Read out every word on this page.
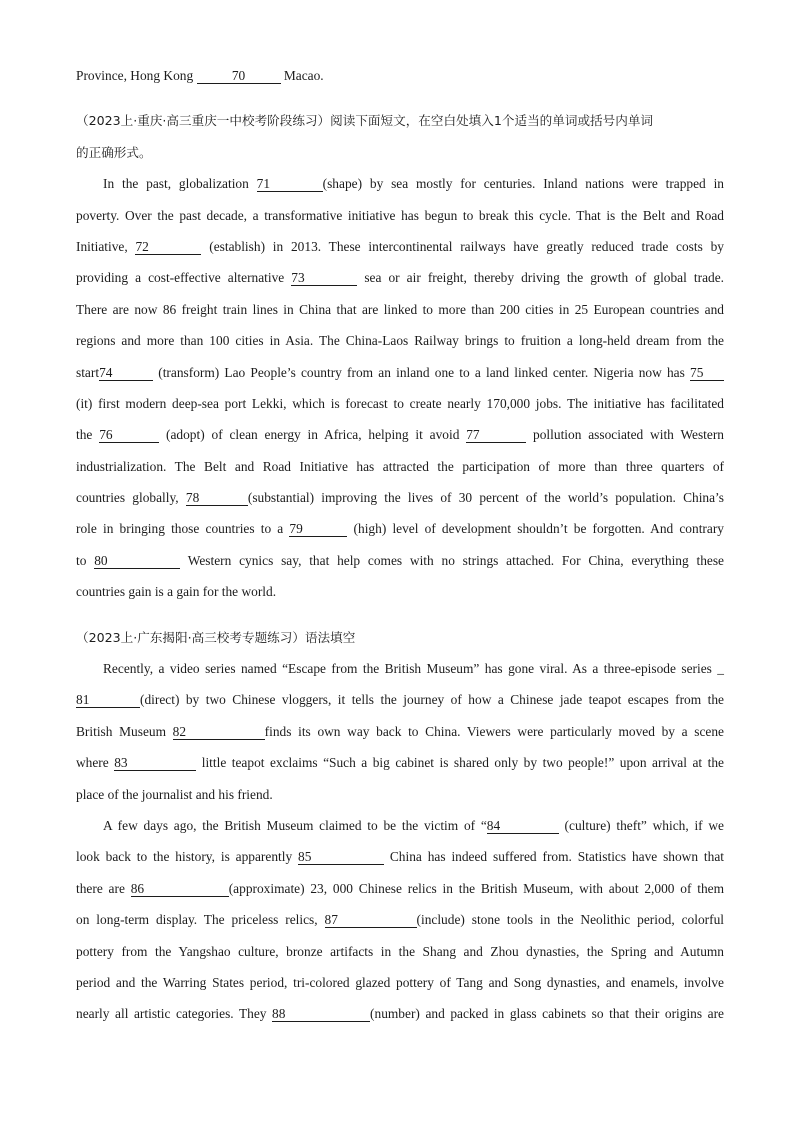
Province, Hong Kong	70	Macao.
（2023上·重庆·高三重庆一中校考阶段练习）阅读下面短文，在空白处填入1个适当的单词或括号内单词
的正确形式。
In the past, globalization 71	(shape) by sea mostly for centuries. Inland nations were trapped in
poverty. Over the past decade, a transformative initiative has begun to break this cycle. That is the Belt and Road
Initiative, 72	(establish) in 2013. These intercontinental railways have greatly reduced trade costs by
providing a cost-effective alternative 73	sea or air freight, thereby driving the growth of global trade.
There are now 86 freight train lines in China that are linked to more than 200 cities in 25 European countries and
regions and more than 100 cities in Asia. The China-Laos Railway brings to fruition a long-held dream from the
start74	(transform) Lao People’s country from an inland one to a land linked center. Nigeria now has 75
(it) first modern deep-sea port Lekki, which is forecast to create nearly 170,000 jobs. The initiative has facilitated
the 76	(adopt) of clean energy in Africa, helping it avoid 77	pollution associated with Western
industrialization. The Belt and Road Initiative has attracted the participation of more than three quarters of
countries globally, 78	(substantial) improving the lives of 30 percent of the world’s population. China’s
role in bringing those countries to a 79	(high) level of development shouldn’t be forgotten. And contrary
to 80	Western cynics say, that help comes with no strings attached. For China, everything these
countries gain is a gain for the world.
（2023上·广东揭阳·高三校考专题练习）语法填空
Recently, a video series named “Escape from the British Museum” has gone viral. As a three-episode series _
81	(direct) by two Chinese vloggers, it tells the journey of how a Chinese jade teapot escapes from the
British Museum 82	finds its own way back to China. Viewers were particularly moved by a scene
where 83	little teapot exclaims “Such a big cabinet is shared only by two people!” upon arrival at the
place of the journalist and his friend.
A few days ago, the British Museum claimed to be the victim of “84	(culture) theft” which, if we
look back to the history, is apparently 85	China has indeed suffered from. Statistics have shown that
there are 86	(approximate) 23, 000 Chinese relics in the British Museum, with about 2,000 of them
on long-term display. The priceless relics, 87	(include) stone tools in the Neolithic period, colorful
pottery from the Yangshao culture, bronze artifacts in the Shang and Zhou dynasties, the Spring and Autumn
period and the Warring States period, tri-colored glazed pottery of Tang and Song dynasties, and enamels, involve
nearly all artistic categories. They 88	(number) and packed in glass cabinets so that their origins are
